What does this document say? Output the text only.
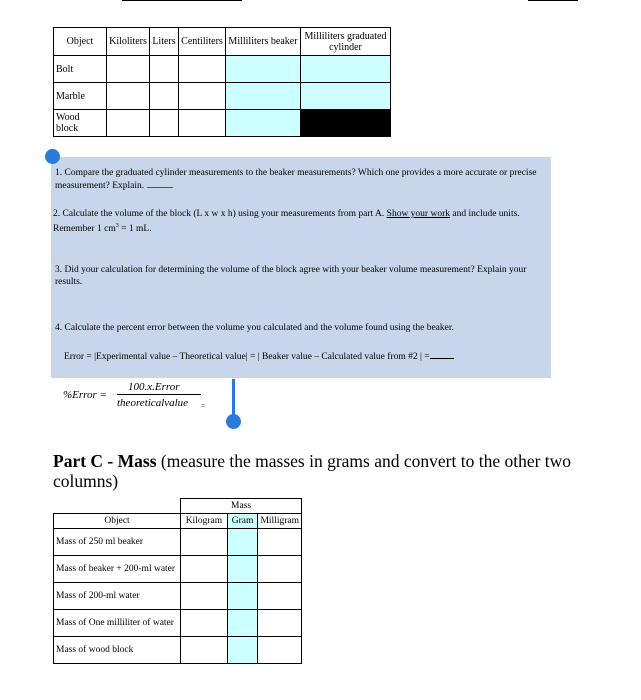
Object	Kiloliters	Liters	Centiliters	Milliliters beaker	Milliliters graduated cylinder
Bolt					
Marble					
Wood block					
1. Compare the graduated cylinder measurements to the beaker measurements? Which one provides a more accurate or precise measurement? Explain.
2. Calculate the volume of the block (L x w x h) using your measurements from part A. Show your work and include units. Remember 1 $cm^3 = 1$ mL.
3. Did your calculation for determining the volume of the block agree with your beaker volume measurement? Explain your results.
4. Calculate the percent error between the volume you calculated and the volume found using the beaker.
Error = |Experimental value – Theoretical value| = | Beaker value – Calculated value from #2 | =
%Error =
100.x.Error
theoreticalvalue =
Part C - Mass (measure the masses in grams and convert to the other two columns)
	Mass		
Object	Kilogram	Gram	Milligram
Mass of 250 ml beaker			
Mass of beaker + 200-ml water			
Mass of 200-ml water			
Mass of One milliliter of water			
Mass of wood block			
